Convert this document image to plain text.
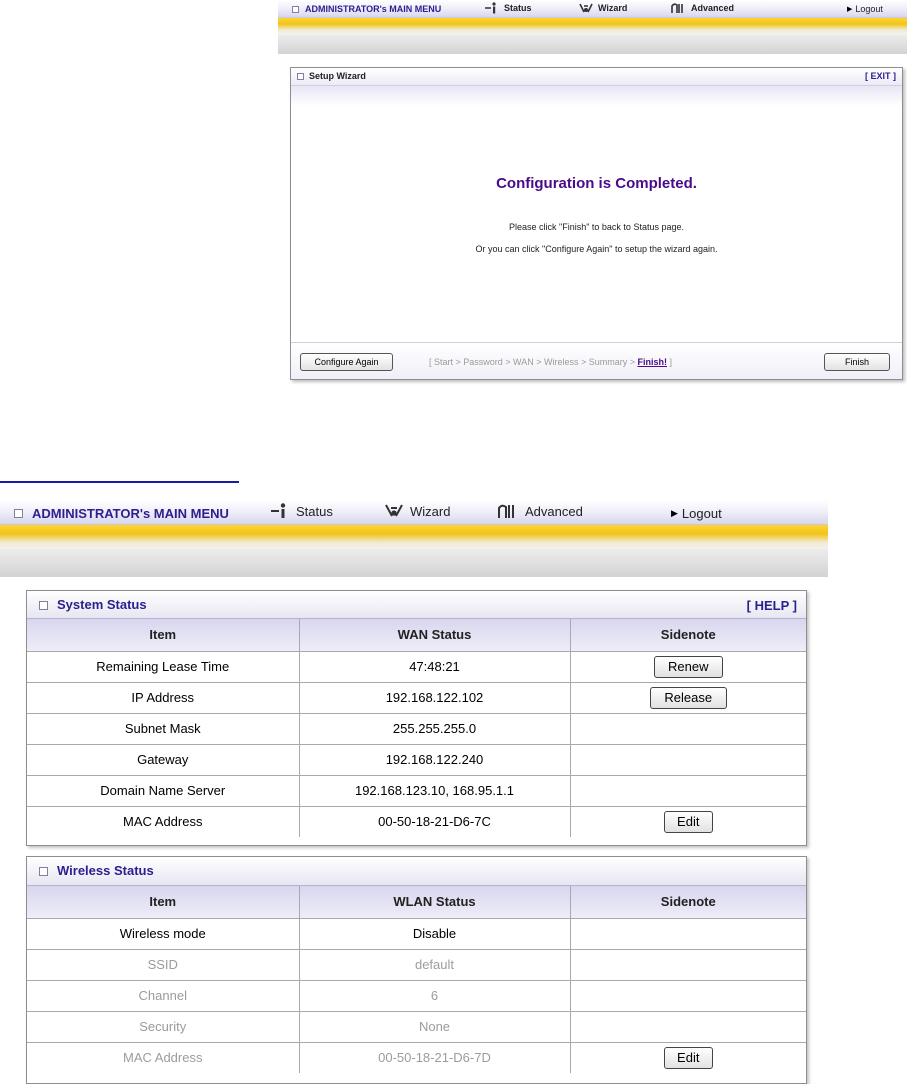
ADMINISTRATOR's MAIN MENU	Status	Wizard	Advanced	▶ Logout
Setup Wizard	[ EXIT ]
Configuration is Completed.
Please click "Finish" to back to Status page.
Or you can click "Configure Again" to setup the wizard again.
Configure Again	[ Start > Password > WAN > Wireless > Summary > Finish! ]	Finish
ADMINISTRATOR's MAIN MENU	Status	Wizard	Advanced	▶ Logout
System Status	[ HELP ]
Item	WAN Status	Sidenote
Remaining Lease Time	47:48:21	Renew
IP Address	192.168.122.102	Release
Subnet Mask	255.255.255.0	
Gateway	192.168.122.240	
Domain Name Server	192.168.123.10, 168.95.1.1	
MAC Address	00-50-18-21-D6-7C	Edit
Wireless Status
Item	WLAN Status	Sidenote
Wireless mode	Disable	
SSID	default	
Channel	6	
Security	None	
MAC Address	00-50-18-21-D6-7D	Edit
